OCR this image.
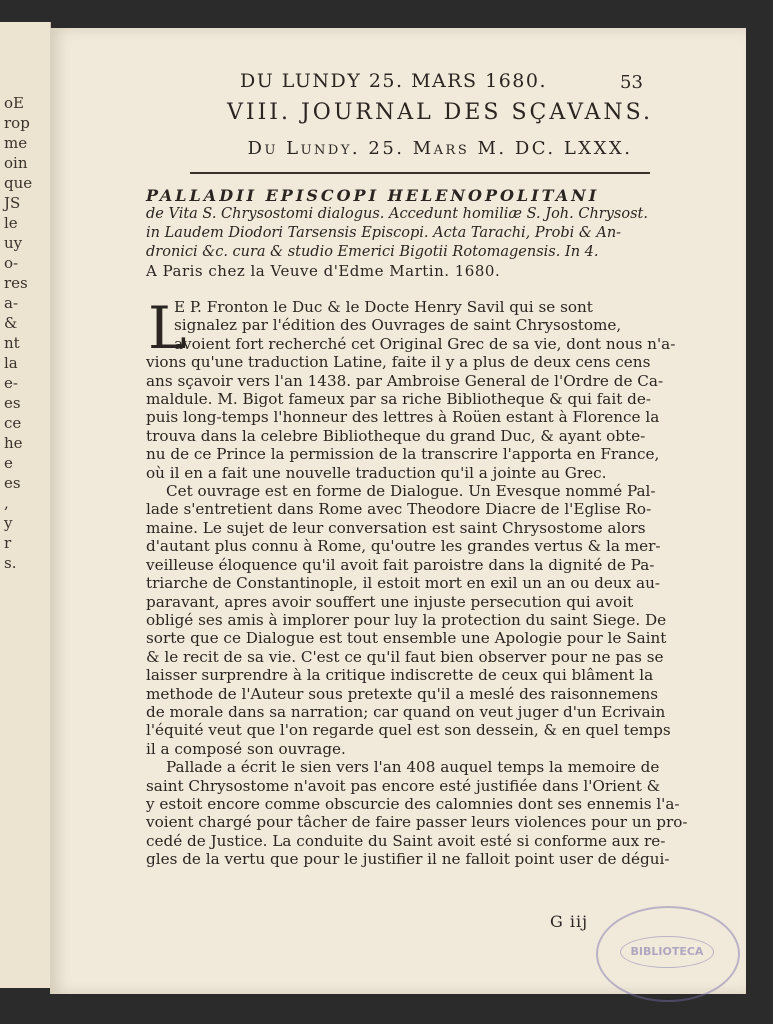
oE
rop
me
oin
que
JS
le
uy
o-
res
a-
&
nt
la
e-
es
ce
he
e
es
,
y
r
s.
DU LUNDY 25. MARS 1680.	53
VIII. JOURNAL DES SÇAVANS.
Du Lundy. 25. Mars M. DC. LXXX.
PALLADII EPISCOPI HELENOPOLITANI
de Vita S. Chrysostomi dialogus. Accedunt homiliæ S. Joh. Chrysost.
in Laudem Diodori Tarsensis Episcopi. Acta Tarachi, Probi & An-
dronici &c. cura & studio Emerici Bigotii Rotomagensis. In 4.
A Paris chez la Veuve d'Edme Martin. 1680.
L
E P. Fronton le Duc & le Docte Henry Savil qui se sont
signalez par l'édition des Ouvrages de saint Chrysostome,
avoient fort recherché cet Original Grec de sa vie, dont nous n'a-
vions qu'une traduction Latine, faite il y a plus de deux cens cens
ans sçavoir vers l'an 1438. par Ambroise General de l'Ordre de Ca-
maldule. M. Bigot fameux par sa riche Bibliotheque & qui fait de-
puis long-temps l'honneur des lettres à Roüen estant à Florence la
trouva dans la celebre Bibliotheque du grand Duc, & ayant obte-
nu de ce Prince la permission de la transcrire l'apporta en France,
où il en a fait une nouvelle traduction qu'il a jointe au Grec.
Cet ouvrage est en forme de Dialogue. Un Evesque nommé Pal-
lade s'entretient dans Rome avec Theodore Diacre de l'Eglise Ro-
maine. Le sujet de leur conversation est saint Chrysostome alors
d'autant plus connu à Rome, qu'outre les grandes vertus & la mer-
veilleuse éloquence qu'il avoit fait paroistre dans la dignité de Pa-
triarche de Constantinople, il estoit mort en exil un an ou deux au-
paravant, apres avoir souffert une injuste persecution qui avoit
obligé ses amis à implorer pour luy la protection du saint Siege. De
sorte que ce Dialogue est tout ensemble une Apologie pour le Saint
& le recit de sa vie. C'est ce qu'il faut bien observer pour ne pas se
laisser surprendre à la critique indiscrette de ceux qui blâment la
methode de l'Auteur sous pretexte qu'il a meslé des raisonnemens
de morale dans sa narration; car quand on veut juger d'un Ecrivain
l'équité veut que l'on regarde quel est son dessein, & en quel temps
il a composé son ouvrage.
Pallade a écrit le sien vers l'an 408 auquel temps la memoire de
saint Chrysostome n'avoit pas encore esté justifiée dans l'Orient &
y estoit encore comme obscurcie des calomnies dont ses ennemis l'a-
voient chargé pour tâcher de faire passer leurs violences pour un pro-
cedé de Justice. La conduite du Saint avoit esté si conforme aux re-
gles de la vertu que pour le justifier il ne falloit point user de dégui-
G iij
BIBLIOTECA
